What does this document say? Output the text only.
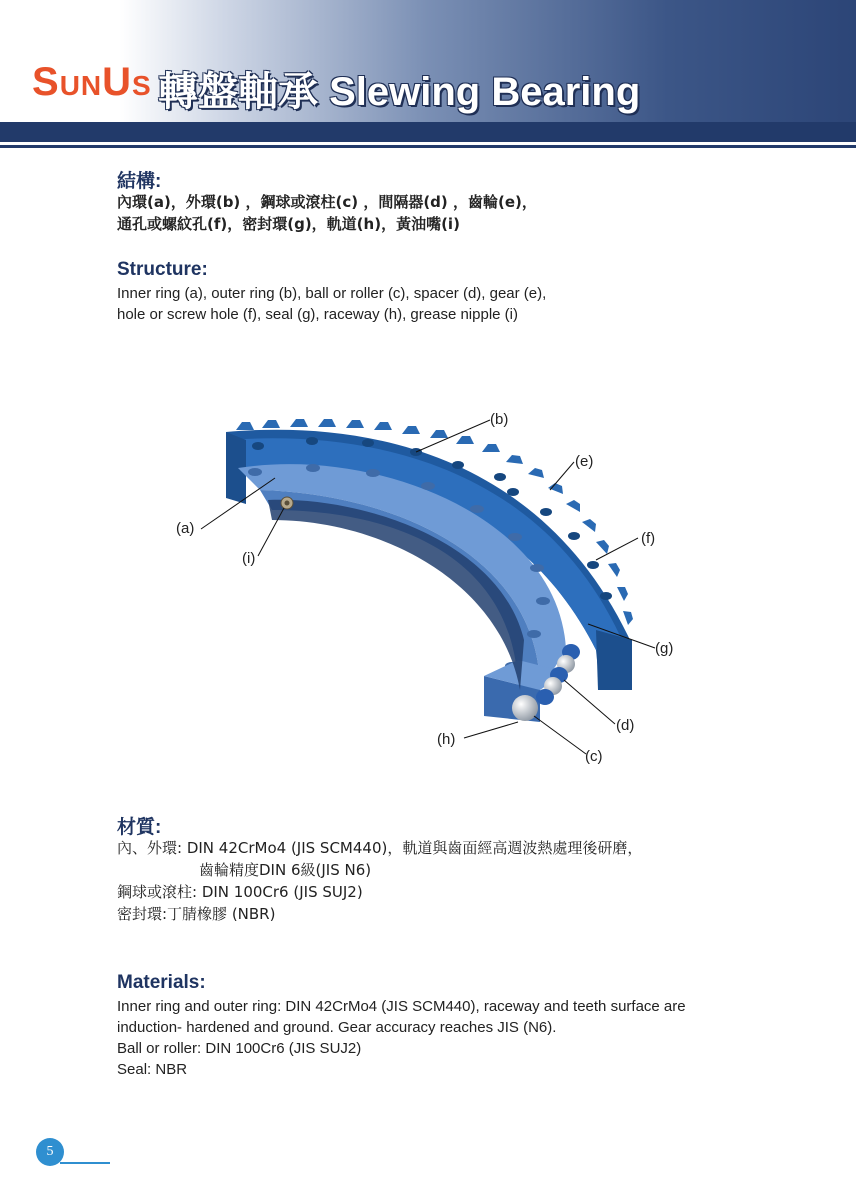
SUNUS 轉盤軸承 Slewing Bearing
結構:

內環(a)，外環(b) ，鋼球或滾柱(c) ，間隔器(d) ，齒輪(e)，
通孔或螺紋孔(f)，密封環(g)，軌道(h)，黃油嘴(i)

Structure:

Inner ring (a), outer ring (b), ball or roller (c), spacer (d), gear (e),
hole or screw hole (f), seal (g), raceway (h), grease nipple (i)

(b)
(e)
(f)
(g)
(d)
(c)
(h)
(a)
(i)
材質:

內、外環: DIN 42CrMo4 (JIS SCM440)，軌道與齒面經高週波熱處理後研磨，
齒輪精度DIN 6級(JIS N6)
鋼球或滾柱: DIN 100Cr6 (JIS SUJ2)
密封環:丁腈橡膠 (NBR)

Materials:

Inner ring and outer ring: DIN 42CrMo4 (JIS SCM440), raceway and teeth surface are
induction- hardened and ground. Gear accuracy reaches JIS (N6).
Ball or roller: DIN 100Cr6 (JIS SUJ2)
Seal: NBR

5
